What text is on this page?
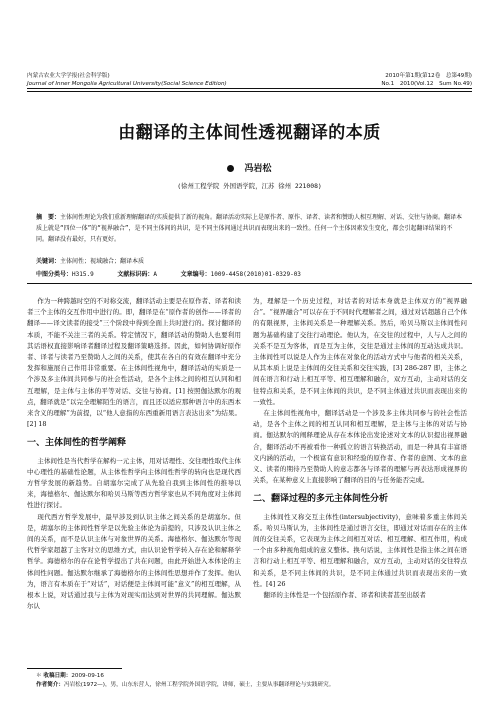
内蒙古农业大学学报(社会科学版)
Journal of Inner Mongolia Agricultural University(Social Science Edition)
2010年第1期(第12卷　总第49期)
No.1　2010(Vol.12　Sum No.49)
由翻译的主体间性透视翻译的本质
冯岩松
(徐州工程学院 外国语学院，江苏 徐州 221008)
摘　要：主体间性理论为我们重新理解翻译的实质提供了新的视角。翻译活动实际上是原作者、原作、译者、读者和赞助人相互理解、对话、交往与协商。翻译本质上就是“四位一体”的“视界融合”，是不同主体间的共识，是不同主体间通过共识而表现出来的一致性。任何一个主体因素发生变化，都会引起翻译结果的不同。翻译没有最好，只有更好。
关键词：主体间性；视域融合；翻译本质
中图分类号：H315.9	文献标识码：A	文章编号：1009-4458(2010)01-0329-03

作为一种跨越时空的不对称交流，翻译活动主要是在原作者、译者和读者三个主体的交互作用中进行的。即，翻译是在“原作者的创作——译者的翻译——译文读者的接受”三个阶段中得到全面上共时进行的。探讨翻译的本质，不能不关注三者的关系。特定情况下，翻译活动的赞助人也要利用其话语权直接影响译者翻译过程及翻译策略选择。因此，如何协调好原作者、译者与读者乃至赞助人之间的关系，使其在各自的有效在翻译中充分发挥和施展自己作用非常重要。在主体间性视角中，翻译活动的实质是一个涉及多主体间共同参与的社会性活动，是各个主体之间的相互认同和相互理解，是主体与主体的平等对话、交往与协商。[1] 按照伽达默尔的观点，翻译就是“以完全理解陌生的语言，而且还以适应那种语言中的东西本来含义的理解”为前提，以“他人意指的东西重新用语言表达出来”为结果。[2] 18

一、主体间性的哲学阐释

主体间性是当代哲学在解构一元主体，用对话理性、交往理性取代主体中心理性的基础性论题，从主体性哲学向主体间性哲学的转向也是现代西方哲学发展的新趋势。自胡塞尔完成了从先验自我到主体间性的推导以来，海德格尔、伽达默尔和哈贝马斯等西方哲学家也从不同角度对主体间性进行探讨。

现代西方哲学发展中，最早涉及到认识主体之间关系的是胡塞尔。但是，胡塞尔的主体间性哲学是以先验主体论为前提的，只涉及认识主体之间的关系，而不是认识主体与对象世界的关系。海德格尔、伽达默尔等现代哲学家超越了主客对立的思维方式，由认识论哲学转入存在论和解释学哲学。海德格尔的存在论哲学提出了共在问题，由此开始进入本体论的主体间性问题。伽达默尔继承了海德格尔的主体间性思想并作了发挥。他认为，语言有本质在于“对话”，对话便是主体间可能“意义”的相互理解，从根本上说，对话通过我与主体为对现实而达到对世界的共同理解。伽达默尔认

为，理解是一个历史过程，对话者的对话本身就是主体双方的“视界融合”。“视界融合”可以存在于不同时代理解者之间，通过对话超越自己个体的有限视界，主体间关系是一种理解关系。然后，哈贝马斯以主体间性问题为基础构建了交往行动理论。他认为，在交往的过程中，人与人之间的关系不是互为客体，而是互为主体，交往是通过主体间的互动达成共识。主体间性可以说是人作为主体在对象化的活动方式中与他者的相关关系，从其本质上说是主体间的交往关系和交往实践，[3] 286-287 即，主体之间在语言和行动上相互平等、相互理解和融合，双方互动，主动对话的交往特点和关系，是不同主体间的共识，是不同主体通过共识而表现出来的一致性。

在主体间性视角中，翻译活动是一个涉及多主体共同参与的社会性活动，是各个主体之间的相互认同和相互理解，是主体与主体的对话与协商。伽达默尔的阐释理论从存在本体论出发论述对文本的认识提出视界融合，翻译活动不再被看作一种孤立的语言转换活动，而是一种具有丰富语义内涵的活动，一个极富有意识和经验的原作者、作者的意图、文本的意义、读者的期待乃至赞助人的意志都各与译者的理解与再表达形成视界的关系，在某种意义上直接影响了翻译的目的与任务能否完成。

二、翻译过程的多元主体间性分析

主体间性又称交互主体性(intersubjectivity)，意味着多重主体间关系。哈贝马斯认为，主体间性是通过语言交往，即通过对话而存在的主体间的交往关系，它表现为主体之间相互对话、相互理解、相互作用，构成一个由多种视角组成的意义整体。换句话说，主体间性是指主体之间在语言和行动上相互平等、相互理解和融合，双方互动，主动对话的交往特点和关系，是不同主体间的共识，是不同主体通过共识而表现出来的一致性。[4] 26

翻译的主体性是一个包括原作者、译者和读者甚至出版者

＊ 收稿日期：2009-09-16
作者简介：冯岩松(1972—)，男，山东东营人，徐州工程学院外国语学院，讲师，硕士，主要从事翻译理论与实践研究。
